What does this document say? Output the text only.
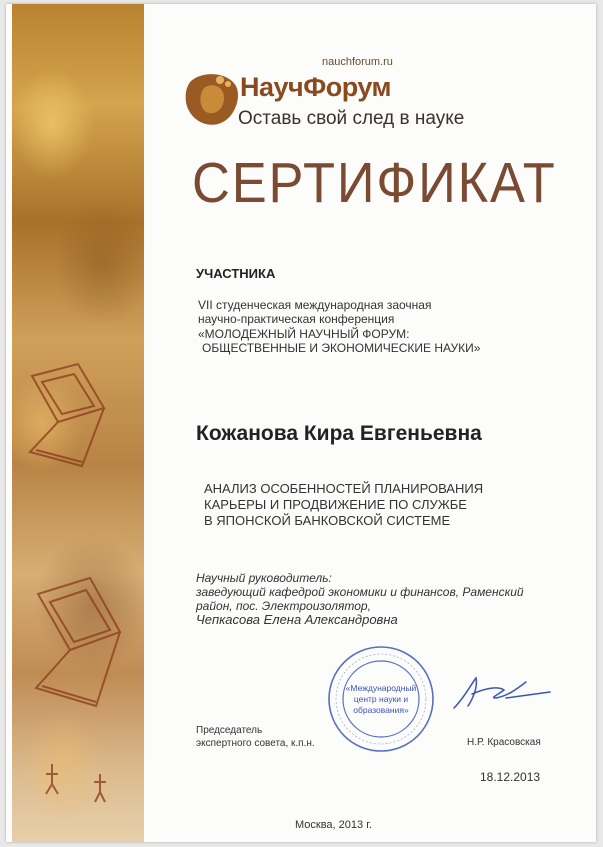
nauchforum.ru
НаучФорум
Оставь свой след в науке
СЕРТИФИКАТ
УЧАСТНИКА
VII студенческая международная заочная
научно-практическая конференция
«МОЛОДЕЖНЫЙ НАУЧНЫЙ ФОРУМ:
ОБЩЕСТВЕННЫЕ И ЭКОНОМИЧЕСКИЕ НАУКИ»
Кожанова Кира Евгеньевна
АНАЛИЗ ОСОБЕННОСТЕЙ ПЛАНИРОВАНИЯ
КАРЬЕРЫ И ПРОДВИЖЕНИЕ ПО СЛУЖБЕ
В ЯПОНСКОЙ БАНКОВСКОЙ СИСТЕМЕ
Научный руководитель:
заведующий кафедрой экономики и финансов, Раменский
район, пос. Электроизолятор,
Чепкасова Елена Александровна
Председатель
экспертного совета, к.п.н.
«Международный
центр науки и
образования»
Н.Р. Красовская
18.12.2013
Москва, 2013 г.
